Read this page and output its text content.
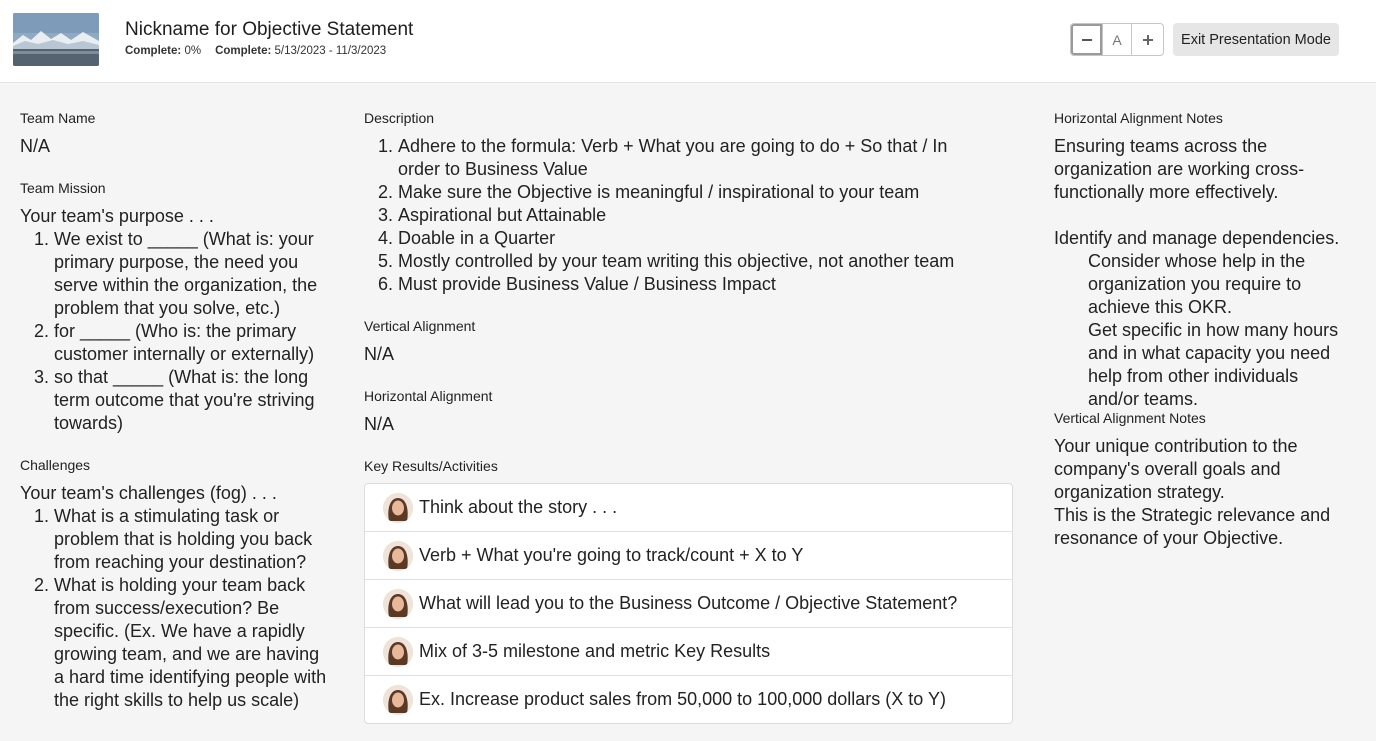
Nickname for Objective Statement
Complete: 0% Complete: 5/13/2023 - 11/3/2023
A	Exit Presentation Mode
Team Name
N/A
Team Mission
Your team's purpose . . .
1. We exist to _____ (What is: your primary purpose, the need you serve within the organization, the problem that you solve, etc.)
2. for _____ (Who is: the primary customer internally or externally)
3. so that _____ (What is: the long term outcome that you're striving towards)
Challenges
Your team's challenges (fog) . . .
1. What is a stimulating task or problem that is holding you back from reaching your destination?
2. What is holding your team back from success/execution? Be specific. (Ex. We have a rapidly growing team, and we are having a hard time identifying people with the right skills to help us scale)
Description
1. Adhere to the formula: Verb + What you are going to do + So that / In order to Business Value
2. Make sure the Objective is meaningful / inspirational to your team
3. Aspirational but Attainable
4. Doable in a Quarter
5. Mostly controlled by your team writing this objective, not another team
6. Must provide Business Value / Business Impact
Vertical Alignment
N/A
Horizontal Alignment
N/A
Key Results/Activities
Think about the story . . .
Verb + What you're going to track/count + X to Y
What will lead you to the Business Outcome / Objective Statement?
Mix of 3-5 milestone and metric Key Results
Ex. Increase product sales from 50,000 to 100,000 dollars (X to Y)
Horizontal Alignment Notes
Ensuring teams across the organization are working cross-functionally more effectively.
Identify and manage dependencies.
Consider whose help in the organization you require to achieve this OKR.
Get specific in how many hours and in what capacity you need help from other individuals and/or teams.
Vertical Alignment Notes
Your unique contribution to the company's overall goals and organization strategy.
This is the Strategic relevance and resonance of your Objective.
